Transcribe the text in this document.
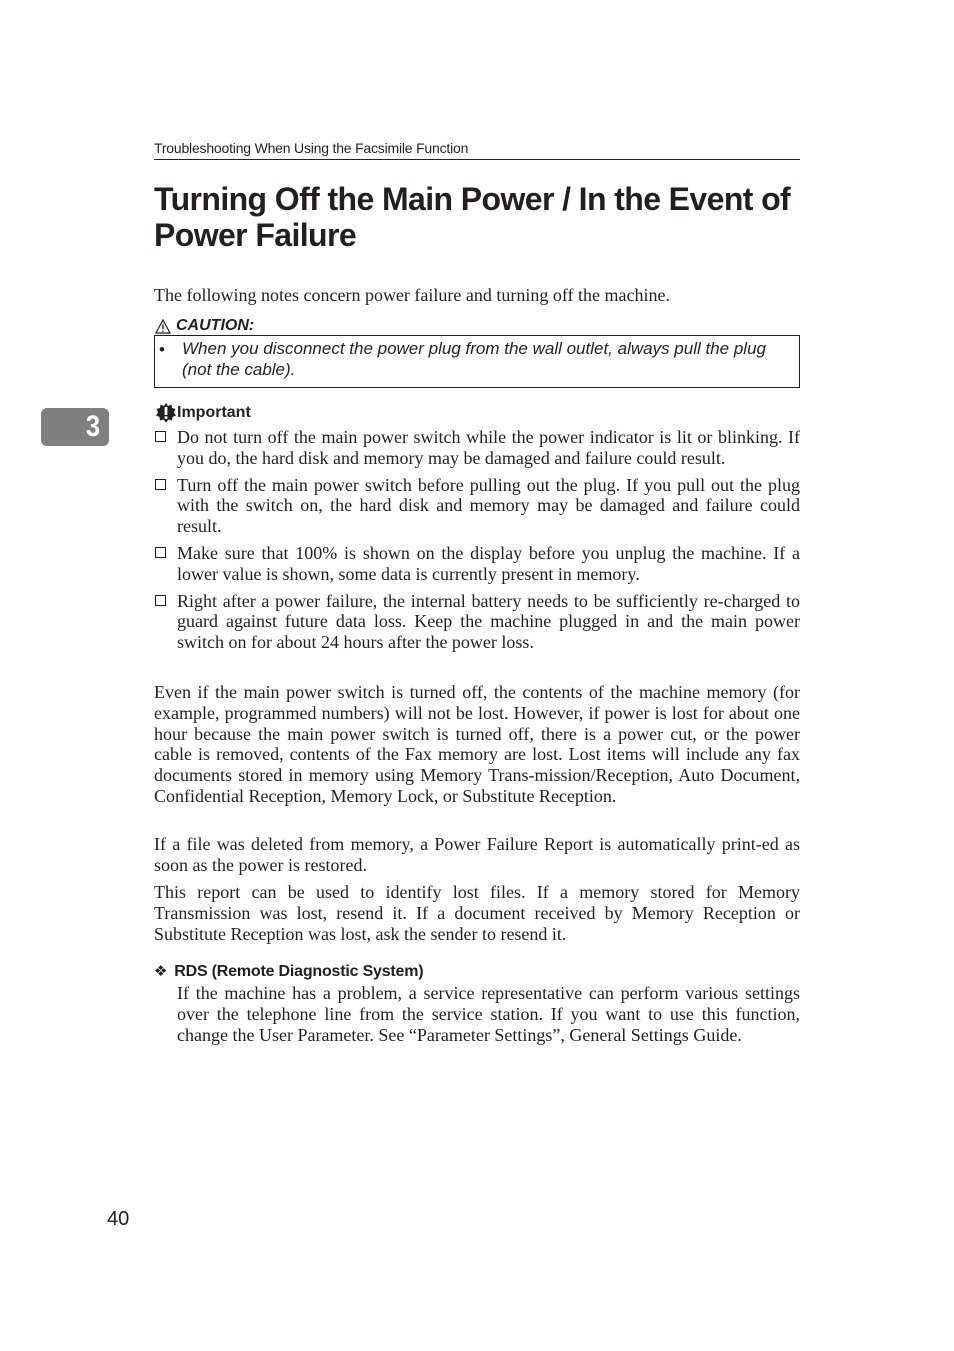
Troubleshooting When Using the Facsimile Function
Turning Off the Main Power / In the Event of Power Failure

The following notes concern power failure and turning off the machine.

CAUTION:
• When you disconnect the power plug from the wall outlet, always pull the plug (not the cable).
3	Important
Do not turn off the main power switch while the power indicator is lit or blinking. If you do, the hard disk and memory may be damaged and failure could result.
Turn off the main power switch before pulling out the plug. If you pull out the plug with the switch on, the hard disk and memory may be damaged and failure could result.
Make sure that 100% is shown on the display before you unplug the machine. If a lower value is shown, some data is currently present in memory.
Right after a power failure, the internal battery needs to be sufficiently re-charged to guard against future data loss. Keep the machine plugged in and the main power switch on for about 24 hours after the power loss.

Even if the main power switch is turned off, the contents of the machine memory (for example, programmed numbers) will not be lost. However, if power is lost for about one hour because the main power switch is turned off, there is a power cut, or the power cable is removed, contents of the Fax memory are lost. Lost items will include any fax documents stored in memory using Memory Trans-mission/Reception, Auto Document, Confidential Reception, Memory Lock, or Substitute Reception.

If a file was deleted from memory, a Power Failure Report is automatically print-ed as soon as the power is restored.

This report can be used to identify lost files. If a memory stored for Memory Transmission was lost, resend it. If a document received by Memory Reception or Substitute Reception was lost, ask the sender to resend it.

❖ RDS (Remote Diagnostic System)

If the machine has a problem, a service representative can perform various settings over the telephone line from the service station. If you want to use this function, change the User Parameter. See “Parameter Settings”, General Settings Guide.

40
